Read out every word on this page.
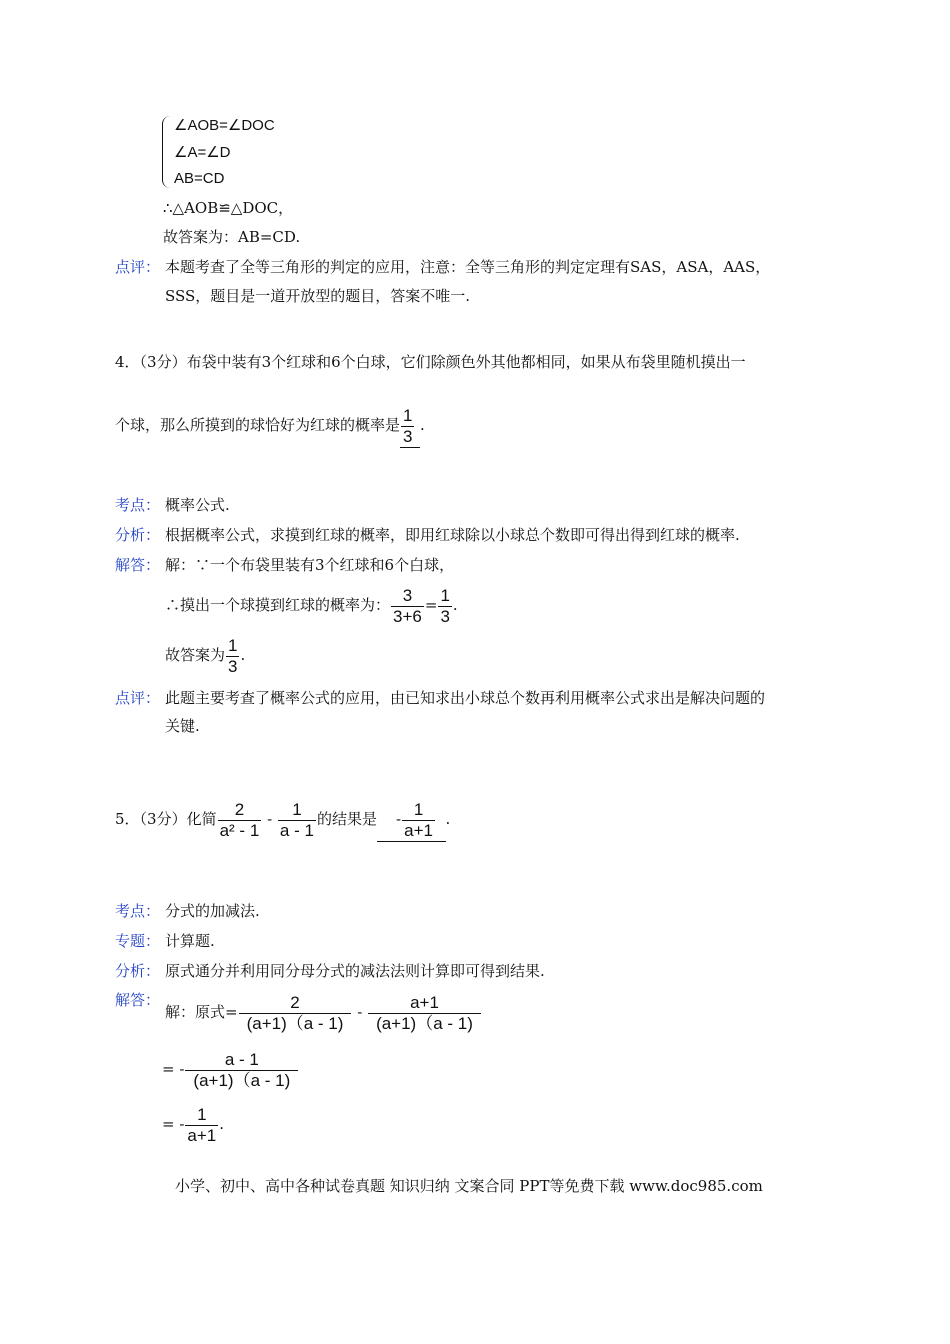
∠AOB=∠DOC
∠A=∠D
AB=CD
∴△AOB≌△DOC，
故答案为：AB=CD.
点评： 本题考查了全等三角形的判定的应用，注意：全等三角形的判定定理有SAS，ASA，AAS，
SSS，题目是一道开放型的题目，答案不唯一.
4．（3分）布袋中装有3个红球和6个白球，它们除颜色外其他都相同，如果从布袋里随机摸出一
个球，那么所摸到的球恰好为红球的概率是 $\frac{1}{3}$ .
考点： 概率公式.
分析： 根据概率公式，求摸到红球的概率，即用红球除以小球总个数即可得出得到红球的概率.
解答： 解：∵一个布袋里装有3个红球和6个白球，
∴摸出一个球摸到红球的概率为： $\frac{3}{3+6} = \frac{1}{3}$ .
故答案为 $\frac{1}{3}$ .
点评： 此题主要考查了概率公式的应用，由已知求出小球总个数再利用概率公式求出是解决问题的
关键.
5．（3分）化简 $\frac{2}{\text{a² - 1}} - \frac{1}{a - 1}$ 的结果是 - $\frac{1}{a+1}$ .
考点： 分式的加减法.
专题： 计算题.
分析： 原式通分并利用同分母分式的减法法则计算即可得到结果.
解答：
解：原式= $\frac{2}{(a+1)(a - 1)} - \frac{a+1}{(a+1)(a - 1)}$
= - $\frac{a - 1}{(a+1)(a - 1)}$
= - $\frac{1}{a+1}$ .
小学、初中、高中各种试卷真题 知识归纳 文案合同 PPT等免费下载 www.doc985.com
